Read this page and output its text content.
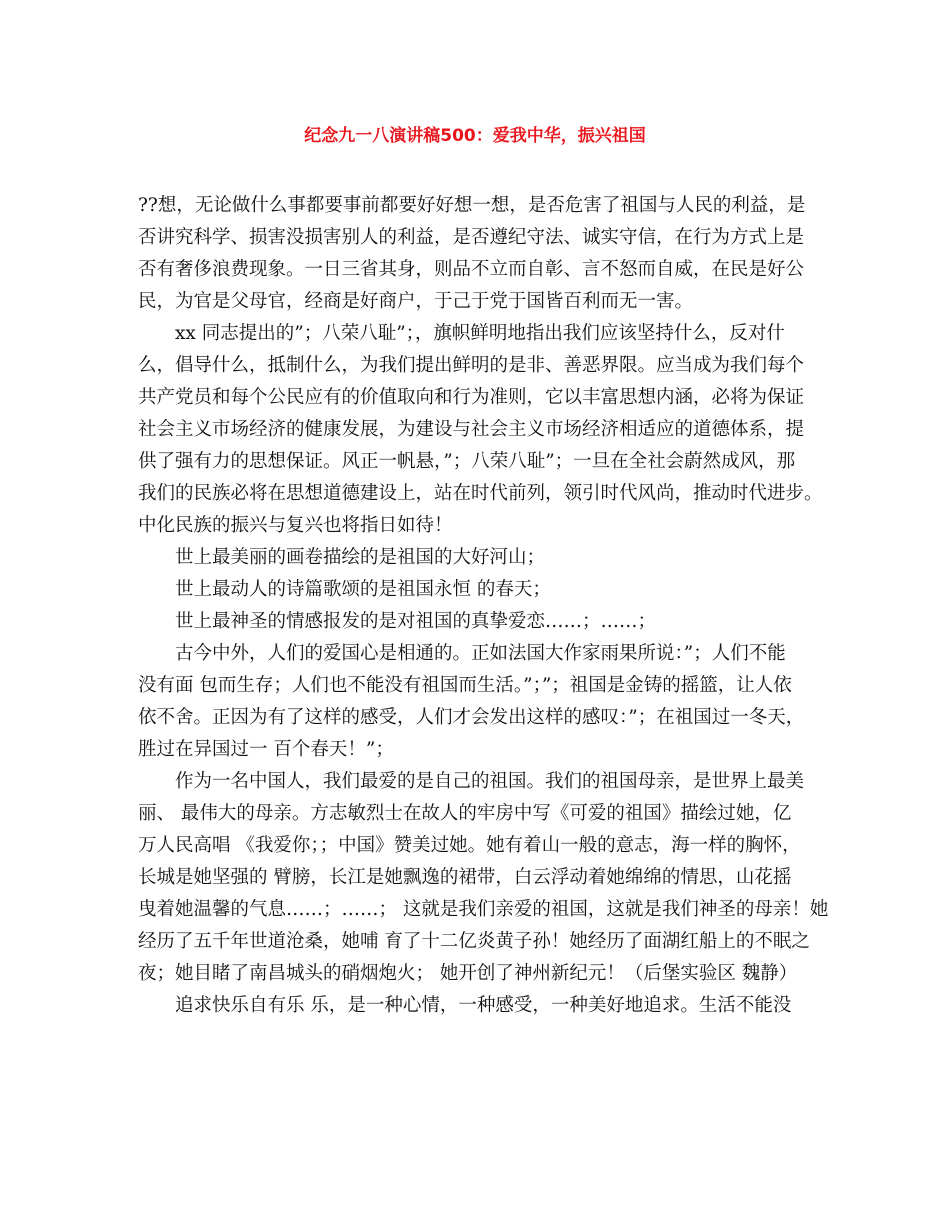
纪念九一八演讲稿500：爱我中华，振兴祖国
??想，无论做什么事都要事前都要好好想一想，是否危害了祖国与人民的利益，是
否讲究科学、损害没损害别人的利益，是否遵纪守法、诚实守信，在行为方式上是
否有奢侈浪费现象。一日三省其身，则品不立而自彰、言不怒而自威，在民是好公
民，为官是父母官，经商是好商户，于己于党于国皆百利而无一害。
xx 同志提出的”；八荣八耻”；，旗帜鲜明地指出我们应该坚持什么，反对什
么，倡导什么，抵制什么，为我们提出鲜明的是非、善恶界限。应当成为我们每个
共产党员和每个公民应有的价值取向和行为准则，它以丰富思想内涵，必将为保证
社会主义市场经济的健康发展，为建设与社会主义市场经济相适应的道德体系，提
供了强有力的思想保证。风正一帆悬，”；八荣八耻”；一旦在全社会蔚然成风，那
我们的民族必将在思想道德建设上，站在时代前列，领引时代风尚，推动时代进步。
中化民族的振兴与复兴也将指日如待！
世上最美丽的画卷描绘的是祖国的大好河山；
世上最动人的诗篇歌颂的是祖国永恒 的春天；
世上最神圣的情感报发的是对祖国的真挚爱恋……；……；
古今中外，人们的爱国心是相通的。正如法国大作家雨果所说：”；人们不能
没有面 包而生存；人们也不能没有祖国而生活。”；”；祖国是金铸的摇篮，让人依
依不舍。正因为有了这样的感受，人们才会发出这样的感叹：”；在祖国过一冬天，
胜过在异国过一 百个春天！”；
作为一名中国人，我们最爱的是自己的祖国。我们的祖国母亲，是世界上最美
丽、 最伟大的母亲。方志敏烈士在故人的牢房中写《可爱的祖国》描绘过她，亿
万人民高唱 《我爱你；；中国》赞美过她。她有着山一般的意志，海一样的胸怀，
长城是她坚强的 臂膀，长江是她飘逸的裙带，白云浮动着她绵绵的情思，山花摇
曳着她温馨的气息……；……； 这就是我们亲爱的祖国，这就是我们神圣的母亲！她
经历了五千年世道沧桑，她哺 育了十二亿炎黄子孙！她经历了面湖红船上的不眠之
夜；她目睹了南昌城头的硝烟炮火； 她开创了神州新纪元！（后堡实验区 魏静）
追求快乐自有乐 乐，是一种心情，一种感受，一种美好地追求。生活不能没
